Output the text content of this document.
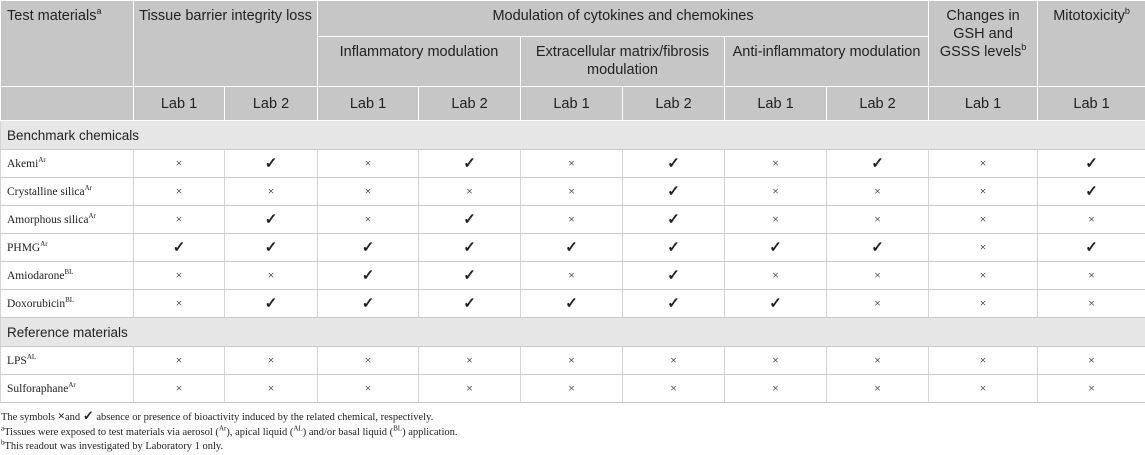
Test materials$^a$	Tissue barrier integrity loss		Modulation of cytokines and chemokines						Changes in GSH and GSSS levels$^b$	Mitotoxicity$^b$
			Inflammatory modulation		Extracellular matrix/fibrosis modulation		Anti-inflammatory modulation			
	Lab 1	Lab 2	Lab 1	Lab 2	Lab 1	Lab 2	Lab 1	Lab 2	Lab 1	Lab 1
Benchmark chemicals										
Akemi$^{Ar}$	×	✓	×	✓	×	✓	×	✓	×	✓
Crystalline silica$^{Ar}$	×	×	×	×	×	✓	×	×	×	✓
Amorphous silica$^{Ar}$	×	✓	×	✓	×	✓	×	×	×	×
$PHMG^{Ar}$	✓	✓	✓	✓	✓	✓	✓	✓	×	✓
Amiodarone$^{BL}$	×	×	✓	✓	×	✓	×	×	×	×
Doxorubicin$^{BL}$	×	✓	✓	✓	✓	✓	✓	×	×	×
Reference materials										
$LPS^{AL}$	×	×	×	×	×	×	×	×	×	×
Sulforaphane$^{Ar}$	×	×	×	×	×	×	×	×	×	×
The symbols ×and ✓ absence or presence of bioactivity induced by the related chemical, respectively.
$^a$Tissues were exposed to test materials via aerosol ($^{Ar}$), apical liquid ($^{AL}$) and/or basal liquid ($^{BL}$) application.
$^b$This readout was investigated by Laboratory 1 only.
